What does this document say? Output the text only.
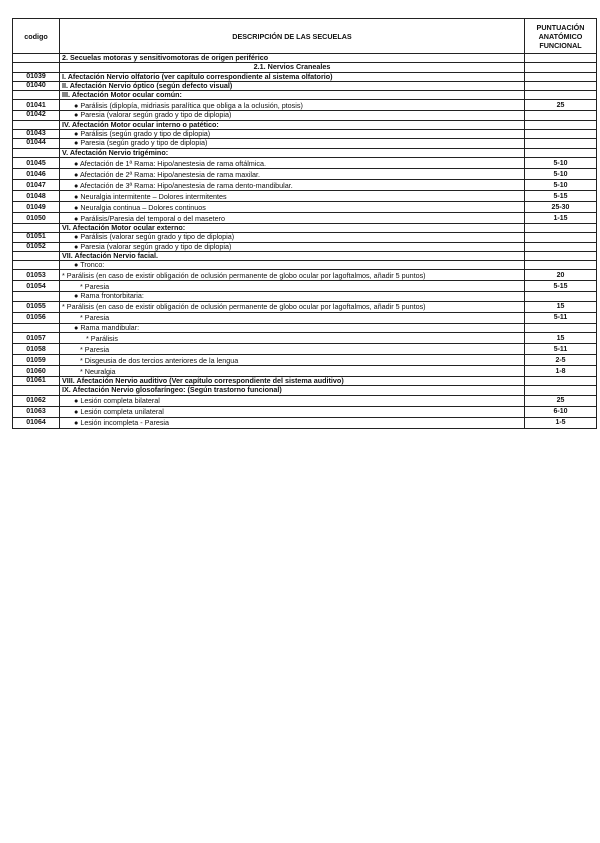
codigo	DESCRIPCIÓN DE LAS SECUELAS	PUNTUACIÓN ANATÓMICO FUNCIONAL
	2. Secuelas motoras y sensitivomotoras de origen periférico	
	2.1. Nervios Craneales	
01039	I. Afectación Nervio olfatorio (ver capítulo correspondiente al sistema olfatorio)	
01040	II. Afectación Nervio óptico (según defecto visual)	
	III. Afectación Motor ocular común:	
01041	● Parálisis (diplopía, midriasis paralítica que obliga a la oclusión, ptosis)	25
01042	● Paresia (valorar según grado y tipo de diplopia)	
	IV. Afectación Motor ocular interno o patético:	
01043	● Parálisis (según grado y tipo de diplopia)	
01044	● Paresia (según grado y tipo de diplopia)	
	V. Afectación Nervio trigémino:	
01045	● Afectación de 1ª Rama: Hipo/anestesia de rama oftálmica.	5-10
01046	● Afectación de 2ª Rama: Hipo/anestesia de rama maxilar.	5-10
01047	● Afectación de 3ª Rama: Hipo/anestesia de rama dento-mandibular.	5-10
01048	● Neuralgia intermitente – Dolores intermitentes	5-15
01049	● Neuralgia continua – Dolores continuos	25-30
01050	● Parálisis/Paresia del temporal o del masetero	1-15
	VI. Afectación Motor ocular externo:	
01051	● Parálisis (valorar según grado y tipo de diplopia)	
01052	● Paresia (valorar según grado y tipo de diplopia)	
	VII. Afectación Nervio facial.	
	● Tronco:	
01053	* Parálisis (en caso de existir obligación de oclusión permanente de globo ocular por lagoftalmos, añadir 5 puntos)	20
01054	* Paresia	5-15
	● Rama frontorbitaria:	
01055	* Parálisis (en caso de existir obligación de oclusión permanente de globo ocular por lagoftalmos, añadir 5 puntos)	15
01056	* Paresia	5-11
	● Rama mandibular:	
01057	* Parálisis	15
01058	* Paresia	5-11
01059	* Disgeusia de dos tercios anteriores de la lengua	2-5
01060	* Neuralgia	1-8
01061	VIII. Afectación Nervio auditivo (Ver capítulo correspondiente del sistema auditivo)	
	IX. Afectación Nervio glosofaríngeo: (Según trastorno funcional)	
01062	● Lesión completa bilateral	25
01063	● Lesión completa unilateral	6-10
01064	● Lesión incompleta - Paresia	1-5
